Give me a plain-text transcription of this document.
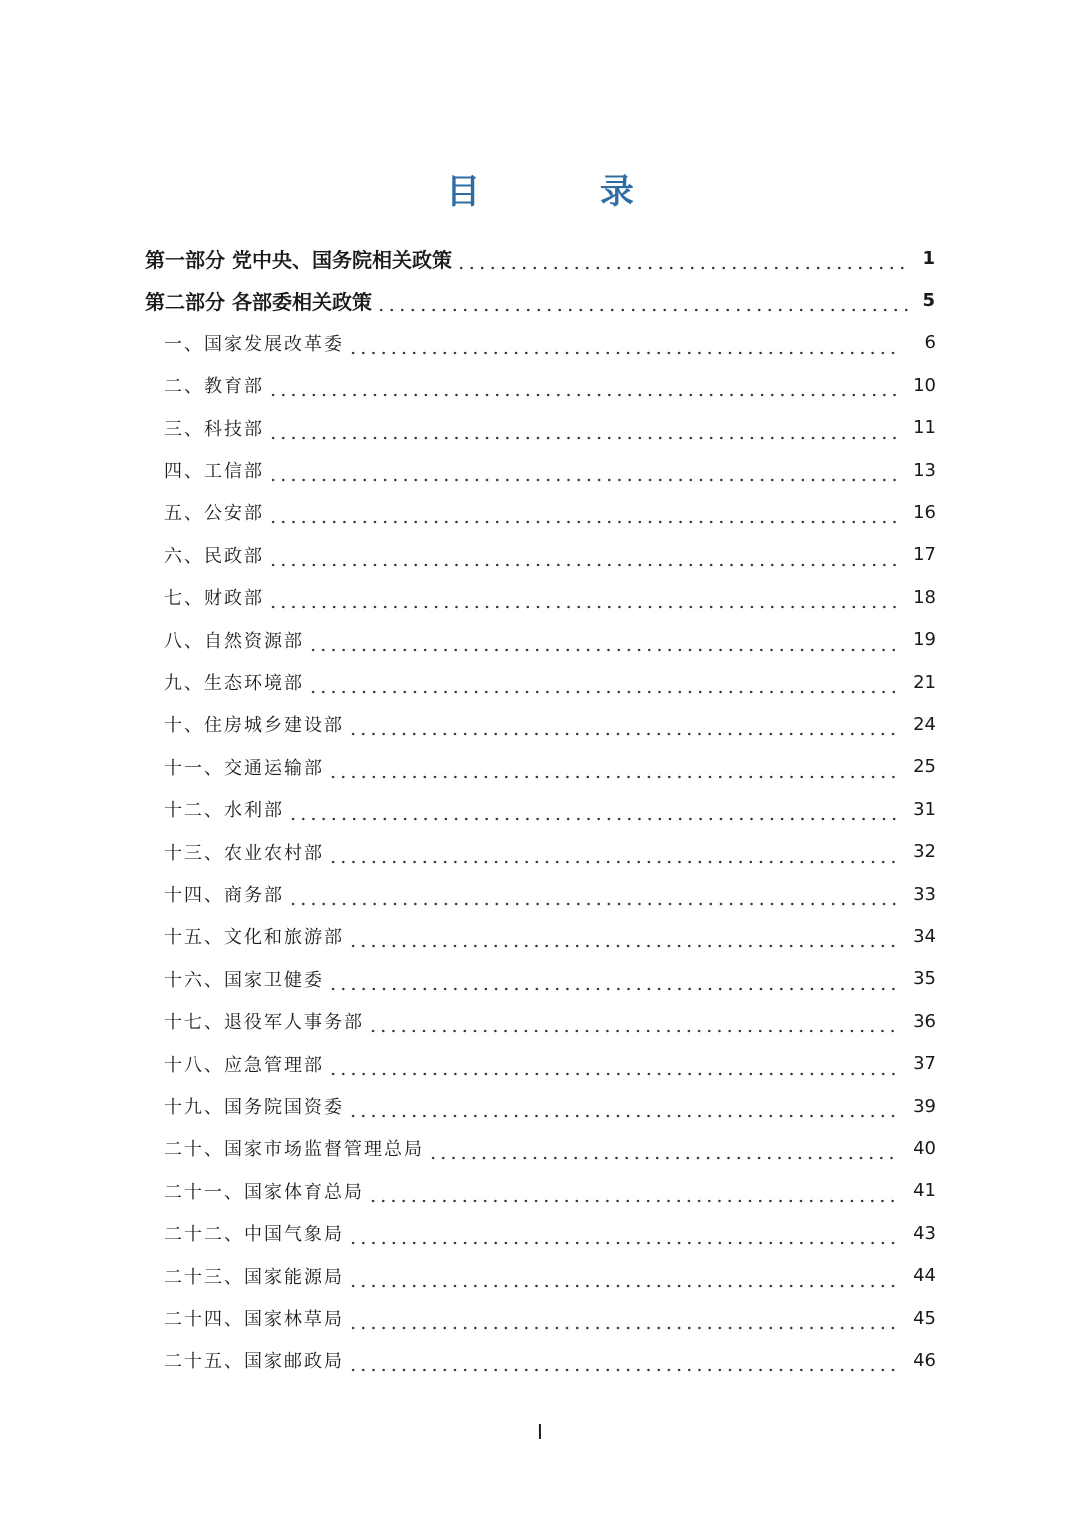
目 录
第一部分 党中央、国务院相关政策	1
第二部分 各部委相关政策	5
一、国家发展改革委	6
二、教育部	10
三、科技部	11
四、工信部	13
五、公安部	16
六、民政部	17
七、财政部	18
八、自然资源部	19
九、生态环境部	21
十、住房城乡建设部	24
十一、交通运输部	25
十二、水利部	31
十三、农业农村部	32
十四、商务部	33
十五、文化和旅游部	34
十六、国家卫健委	35
十七、退役军人事务部	36
十八、应急管理部	37
十九、国务院国资委	39
二十、国家市场监督管理总局	40
二十一、国家体育总局	41
二十二、中国气象局	43
二十三、国家能源局	44
二十四、国家林草局	45
二十五、国家邮政局	46
I
